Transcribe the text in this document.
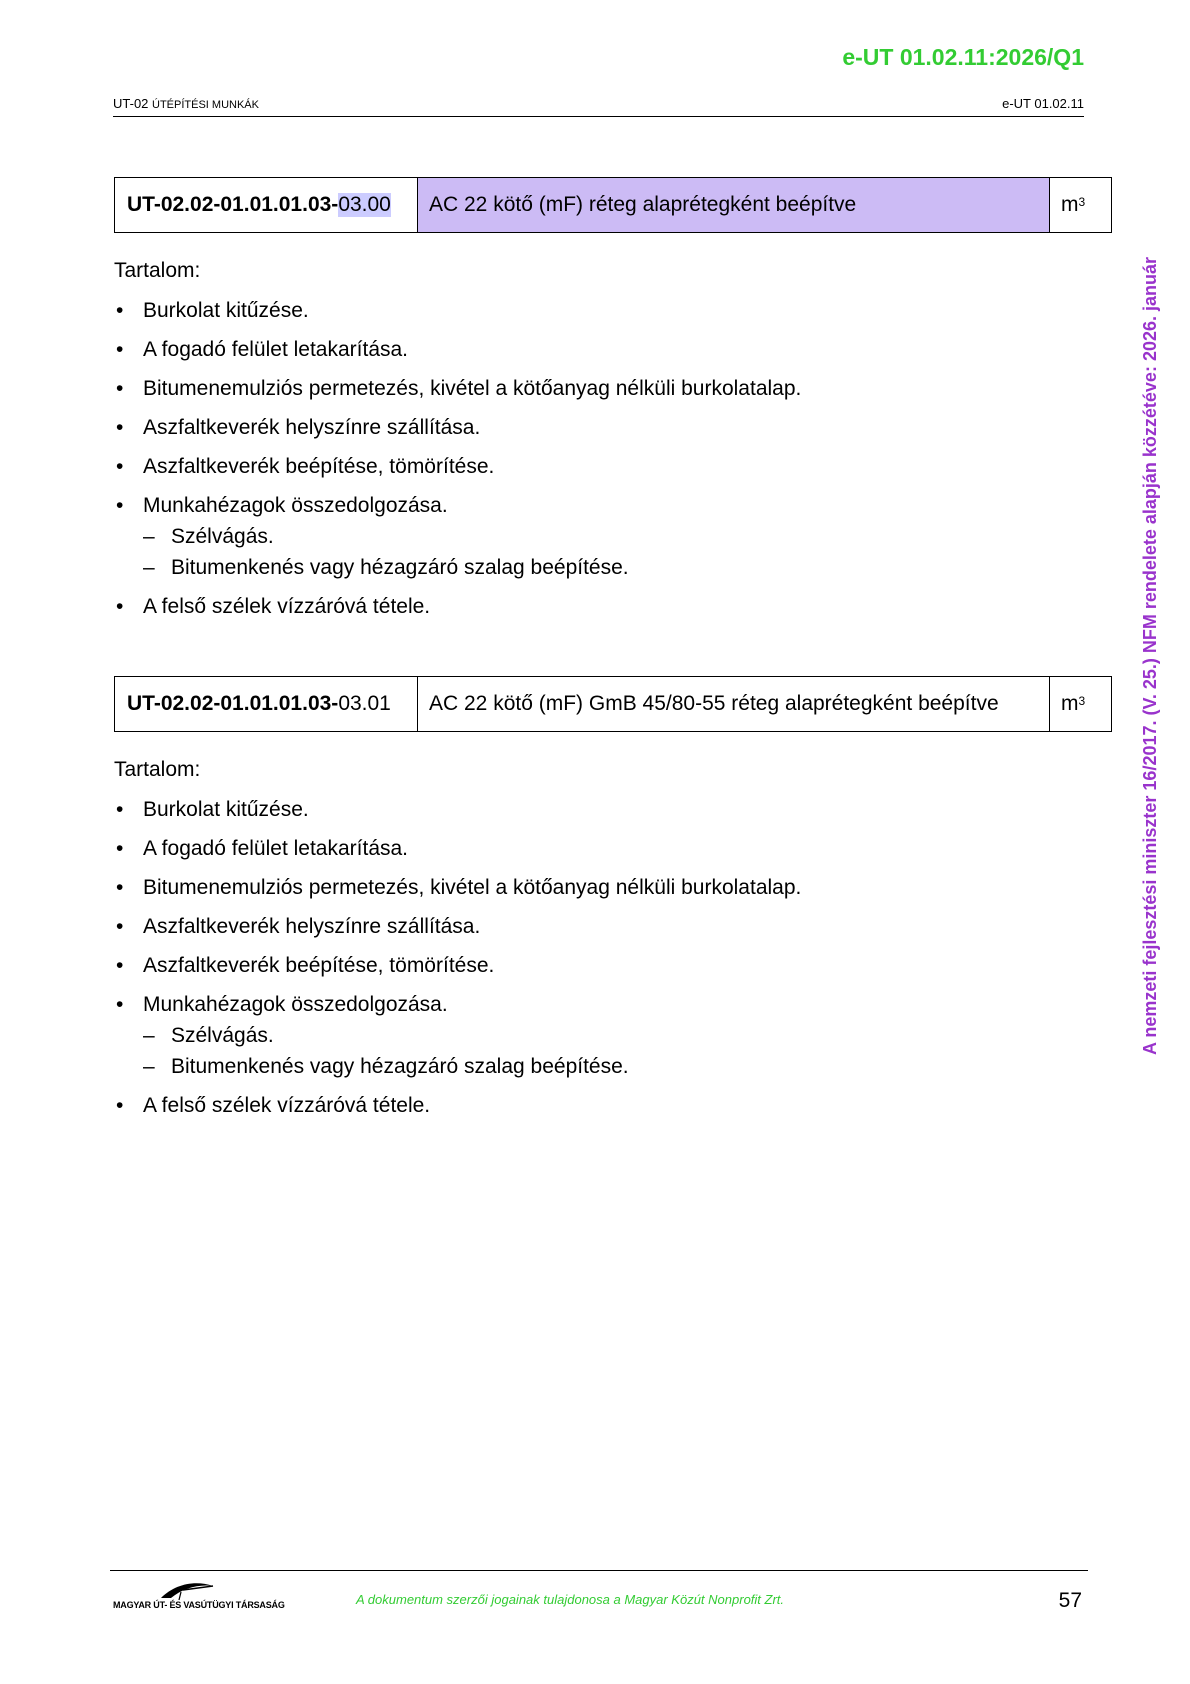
e-UT 01.02.11:2026/Q1
UT-02 ÚTÉPÍTÉSI MUNKÁK	e-UT 01.02.11
A nemzeti fejlesztési miniszter 16/2017. (V. 25.) NFM rendelete alapján közzétéve: 2026. január
UT-02.02-01.01.01.03- 03.00	AC 22 kötő (mF) réteg alaprétegként beépítve	$m^3$
Tartalom:
• Burkolat kitűzése.
• A fogadó felület letakarítása.
• Bitumenemulziós permetezés, kivétel a kötőanyag nélküli burkolatalap.
• Aszfaltkeverék helyszínre szállítása.
• Aszfaltkeverék beépítése, tömörítése.
• Munkahézagok összedolgozása.
– Szélvágás.
– Bitumenkenés vagy hézagzáró szalag beépítése.
• A felső szélek vízzáróvá tétele.
UT-02.02-01.01.01.03- 03.01	AC 22 kötő (mF) GmB 45/80-55 réteg alaprétegként beépítve	$m^3$
Tartalom:
• Burkolat kitűzése.
• A fogadó felület letakarítása.
• Bitumenemulziós permetezés, kivétel a kötőanyag nélküli burkolatalap.
• Aszfaltkeverék helyszínre szállítása.
• Aszfaltkeverék beépítése, tömörítése.
• Munkahézagok összedolgozása.
– Szélvágás.
– Bitumenkenés vagy hézagzáró szalag beépítése.
• A felső szélek vízzáróvá tétele.
MAGYAR ÚT- ÉS VASÚTÜGYI TÁRSASÁG	A dokumentum szerzői jogainak tulajdonosa a Magyar Közút Nonprofit Zrt.	57
